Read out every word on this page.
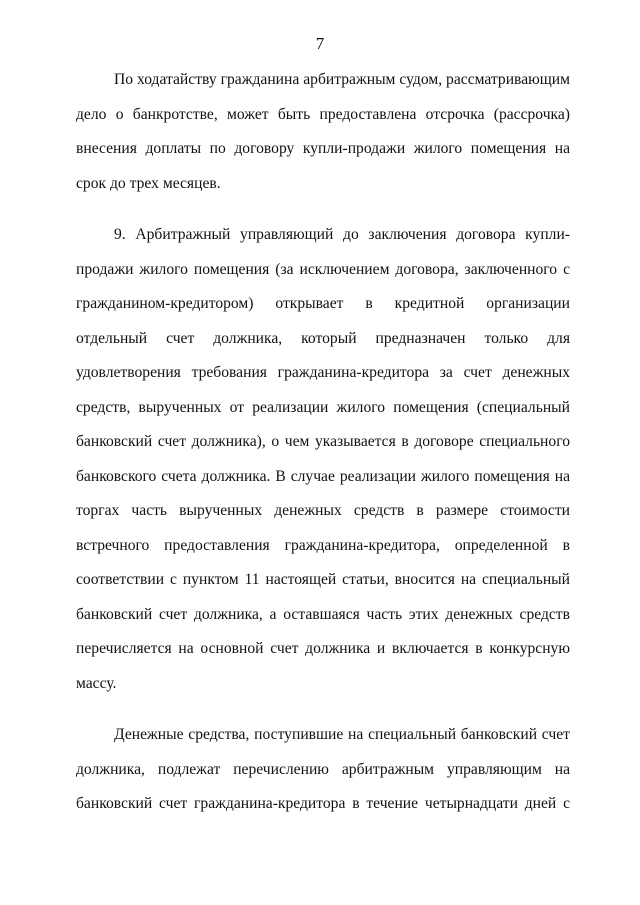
7

По ходатайству гражданина арбитражным судом, рассматривающим дело о банкротстве, может быть предоставлена отсрочка (рассрочка) внесения доплаты по договору купли-продажи жилого помещения на срок до трех месяцев.

9. Арбитражный управляющий до заключения договора купли-продажи жилого помещения (за исключением договора, заключенного с гражданином-кредитором) открывает в кредитной организации отдельный счет должника, который предназначен только для удовлетворения требования гражданина-кредитора за счет денежных средств, вырученных от реализации жилого помещения (специальный банковский счет должника), о чем указывается в договоре специального банковского счета должника. В случае реализации жилого помещения на торгах часть вырученных денежных средств в размере стоимости встречного предоставления гражданина-кредитора, определенной в соответствии с пунктом 11 настоящей статьи, вносится на специальный банковский счет должника, а оставшаяся часть этих денежных средств перечисляется на основной счет должника и включается в конкурсную массу.

Денежные средства, поступившие на специальный банковский счет должника, подлежат перечислению арбитражным управляющим на банковский счет гражданина-кредитора в течение четырнадцати дней с
